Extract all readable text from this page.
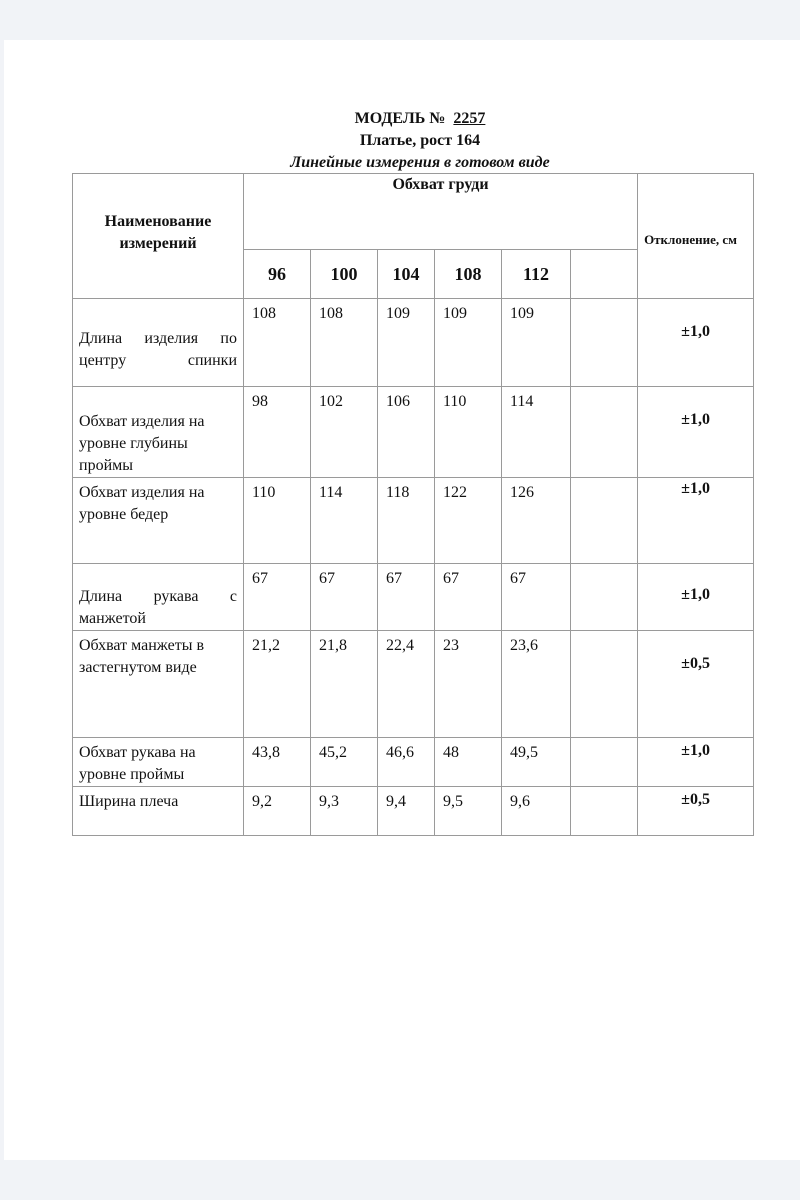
МОДЕЛЬ № 2257
Платье, рост 164
Линейные измерения в готовом виде
Наименование измерений	Обхват груди						Отклонение, см
	96	100	104	108	112		

Длина изделия по центру спинки	108	108	109	109	109		±1,0
Обхват изделия на уровне глубины проймы	98	102	106	110	114		±1,0
Обхват изделия на уровне бедер	110	114	118	122	126		±1,0

Длина рукава с манжетой	67	67	67	67	67		±1,0
Обхват манжеты в застегнутом виде	21,2	21,8	22,4	23	23,6		±0,5
Обхват рукава на уровне проймы	43,8	45,2	46,6	48	49,5		±1,0
Ширина плеча	9,2	9,3	9,4	9,5	9,6		±0,5
